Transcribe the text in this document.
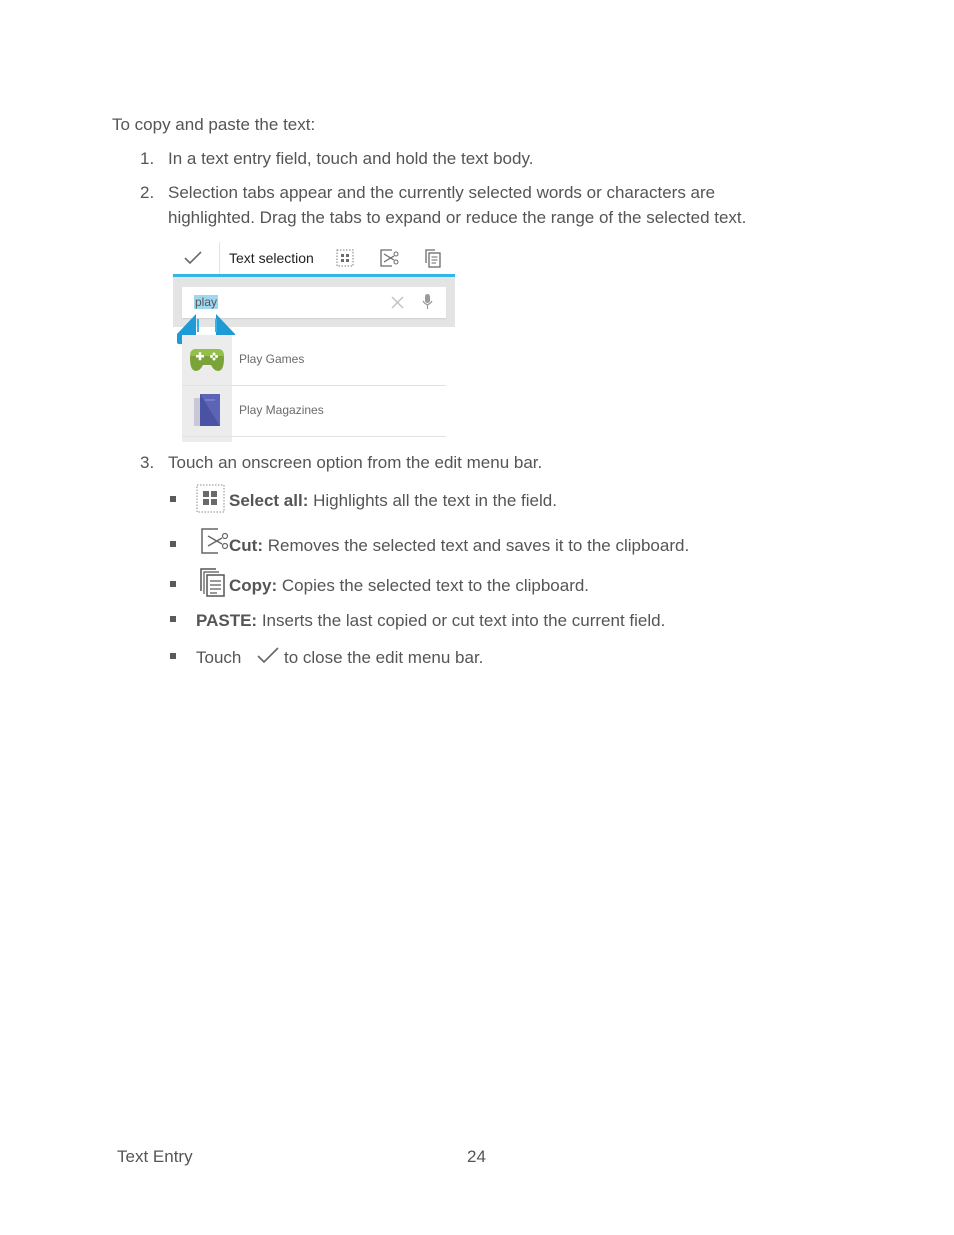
To copy and paste the text:
1. In a text entry field, touch and hold the text body.
2. Selection tabs appear and the currently selected words or characters are
highlighted. Drag the tabs to expand or reduce the range of the selected text.
Text selection
play
Play Games
Play Magazines
3. Touch an onscreen option from the edit menu bar.
Select all: Highlights all the text in the field.
Cut: Removes the selected text and saves it to the clipboard.
Copy: Copies the selected text to the clipboard.
PASTE: Inserts the last copied or cut text into the current field.
Touch	to close the edit menu bar.
Text Entry	24
